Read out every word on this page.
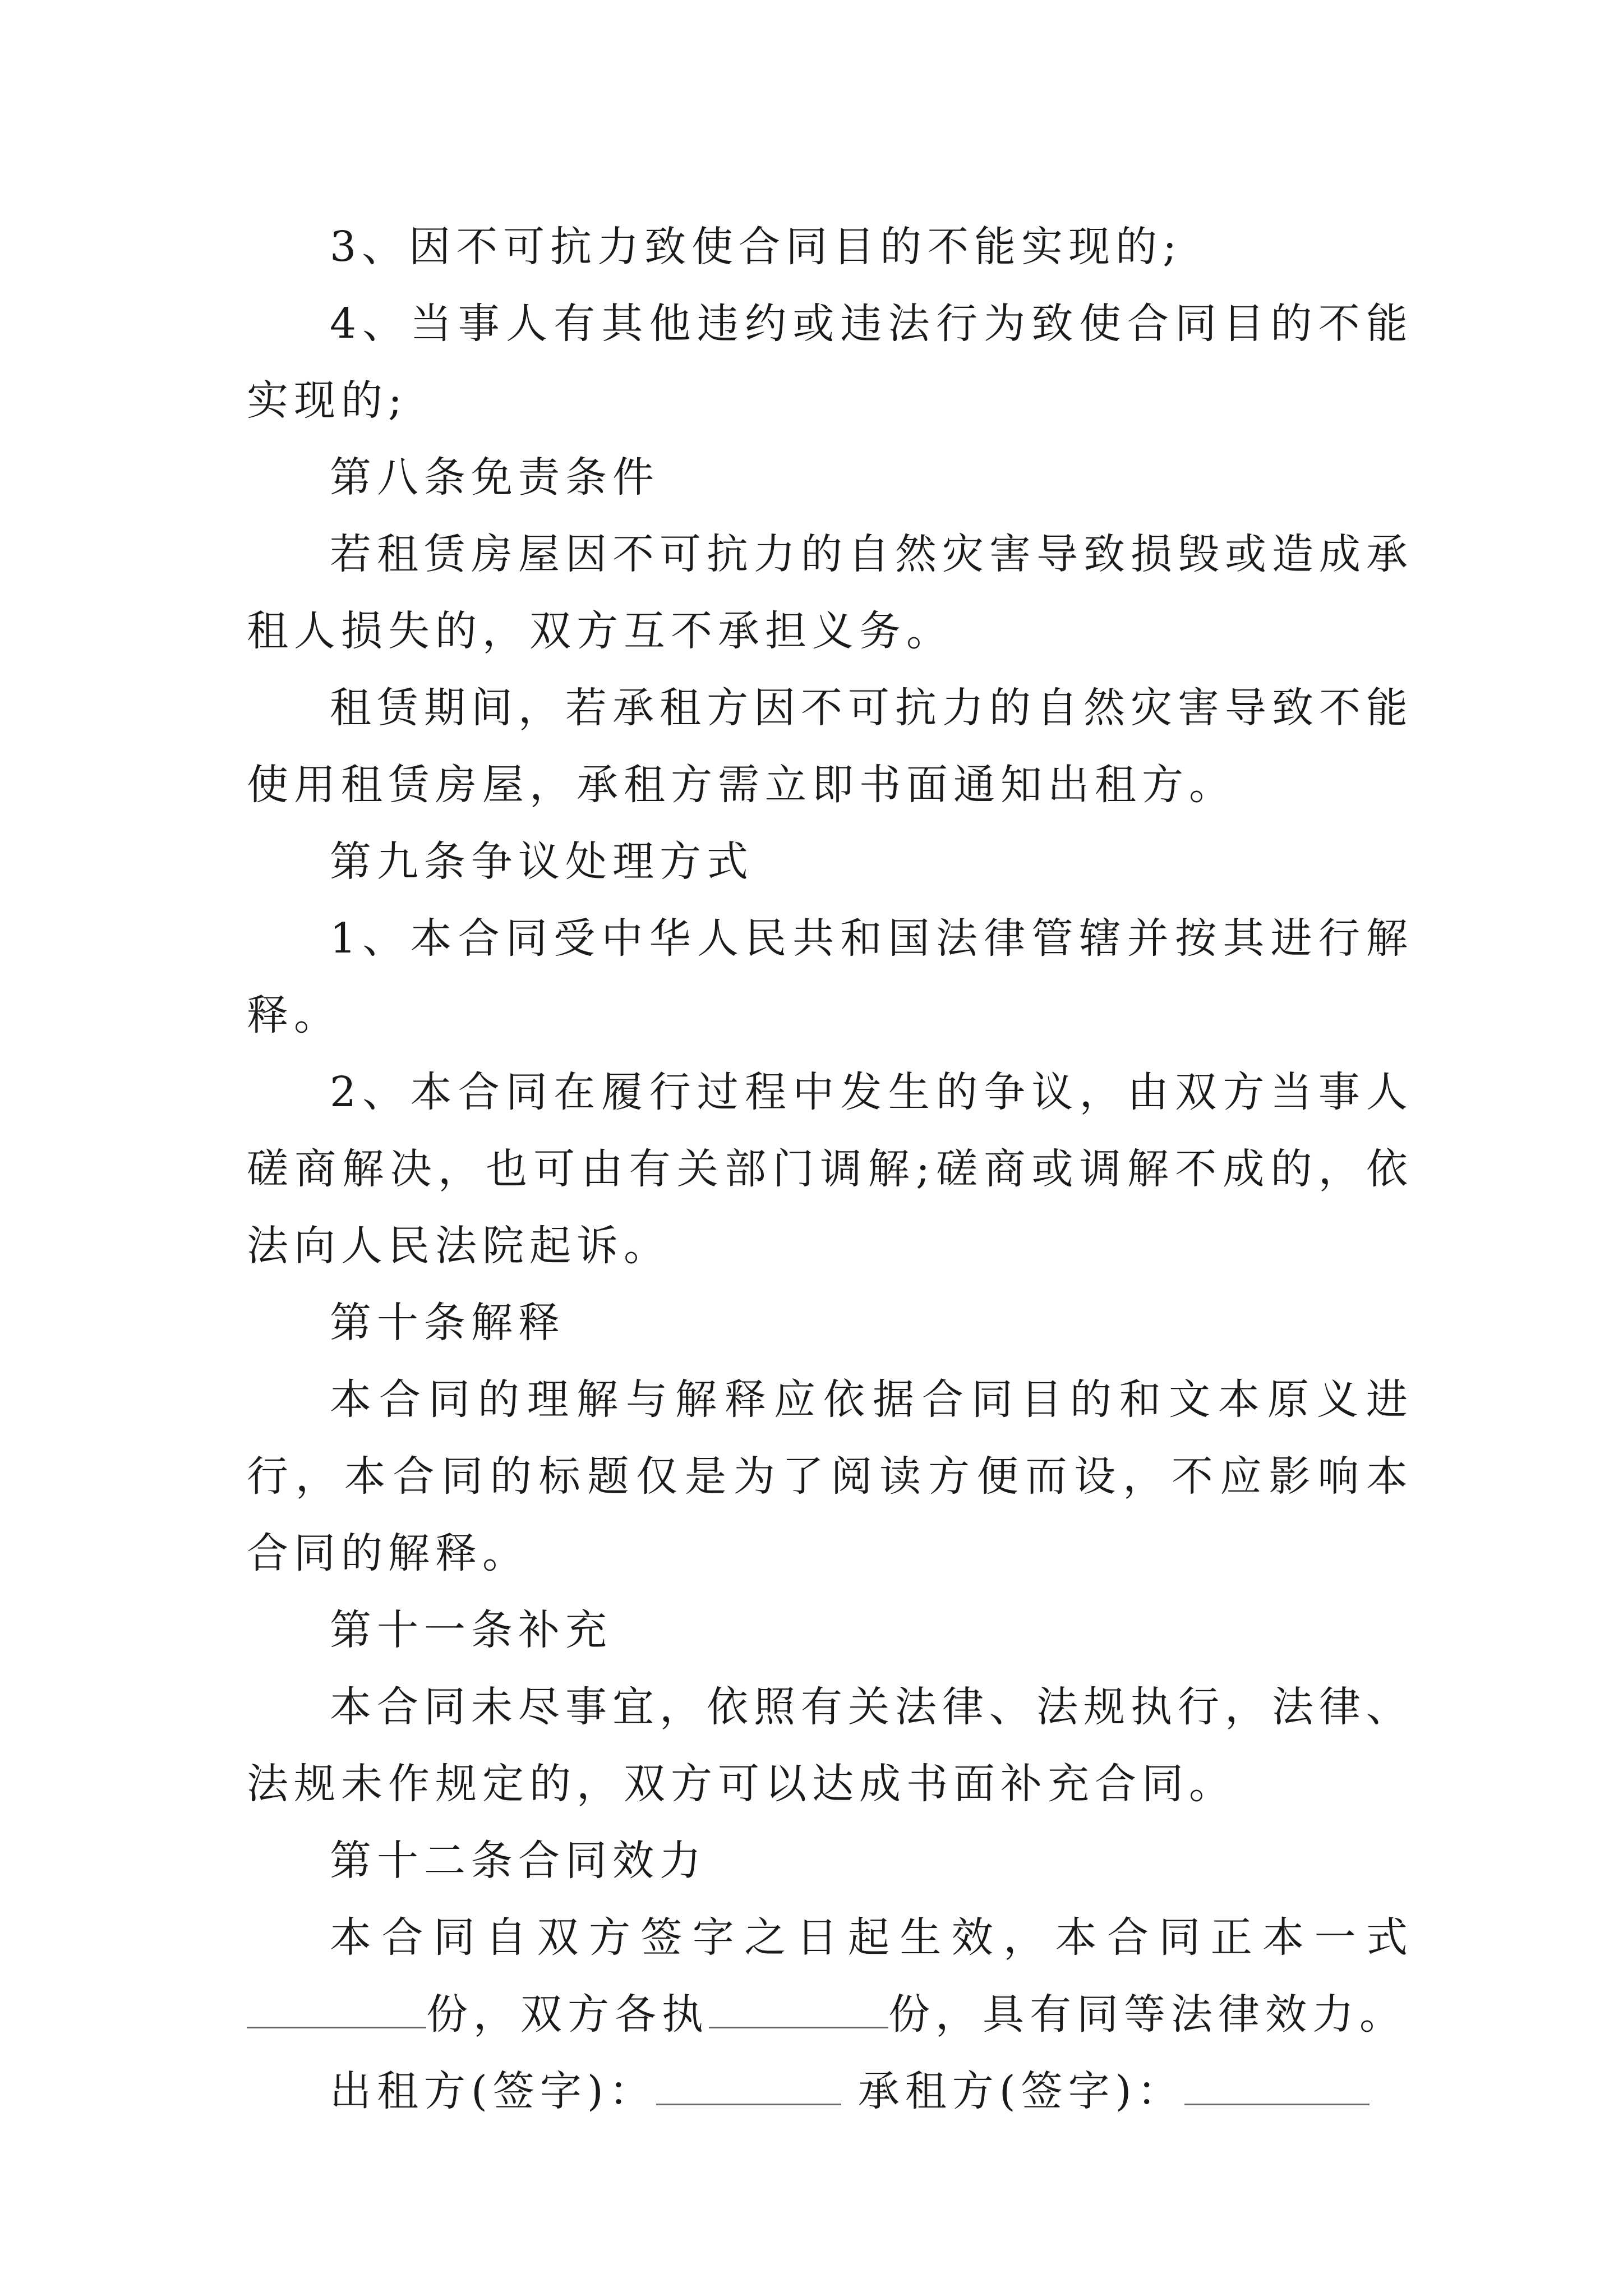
3、因不可抗力致使合同目的不能实现的;

4、当事人有其他违约或违法行为致使合同目的不能实现的;

第八条免责条件

若租赁房屋因不可抗力的自然灾害导致损毁或造成承租人损失的，双方互不承担义务。

租赁期间，若承租方因不可抗力的自然灾害导致不能使用租赁房屋，承租方需立即书面通知出租方。

第九条争议处理方式

1、本合同受中华人民共和国法律管辖并按其进行解释。

2、本合同在履行过程中发生的争议，由双方当事人磋商解决，也可由有关部门调解;磋商或调解不成的，依法向人民法院起诉。

第十条解释

本合同的理解与解释应依据合同目的和文本原义进行，本合同的标题仅是为了阅读方便而设，不应影响本合同的解释。

第十一条补充

本合同未尽事宜，依照有关法律、法规执行，法律、法规未作规定的，双方可以达成书面补充合同。

第十二条合同效力

本合同自双方签字之日起生效，本合同正本一式份，双方各执	份，具有同等法律效力。

出租方(签字)：	承租方(签字)：
